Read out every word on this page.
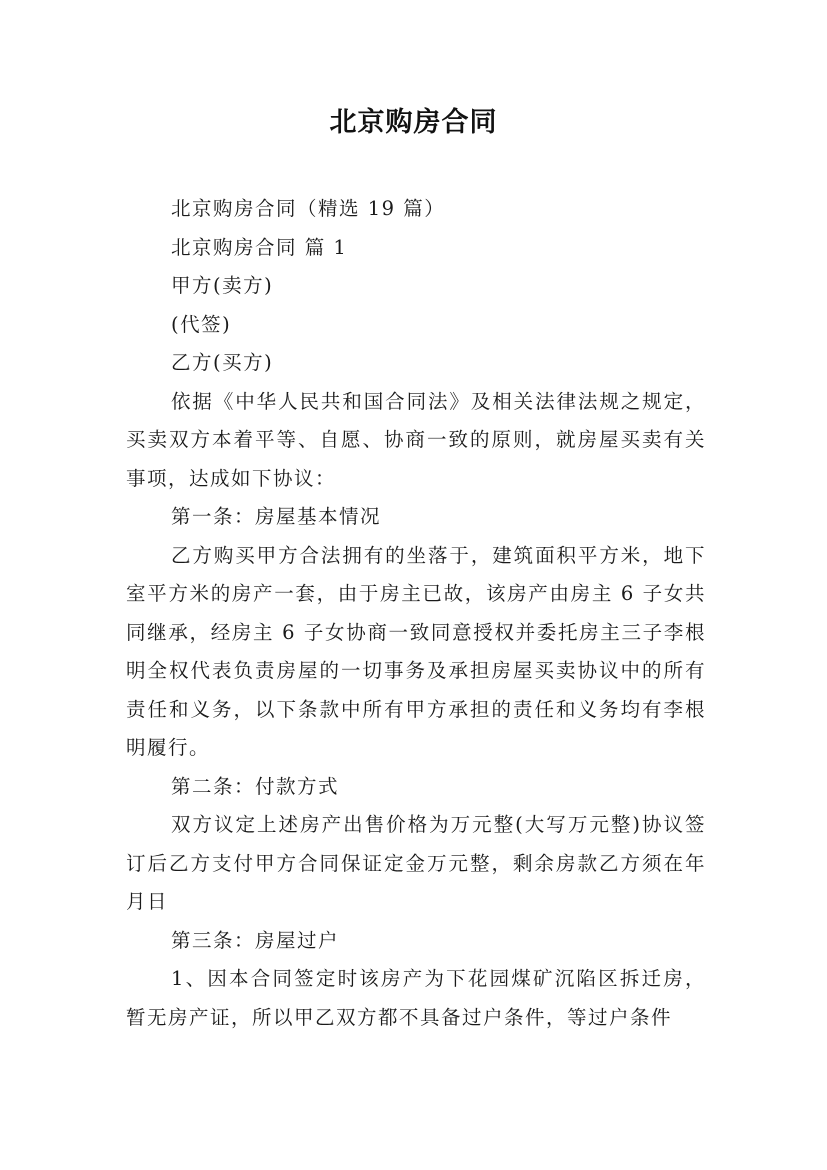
北京购房合同

北京购房合同（精选 19 篇）

北京购房合同 篇 1

甲方(卖方)

(代签)

乙方(买方)

依据《中华人民共和国合同法》及相关法律法规之规定，买卖双方本着平等、自愿、协商一致的原则，就房屋买卖有关事项，达成如下协议：

第一条：房屋基本情况

乙方购买甲方合法拥有的坐落于，建筑面积平方米，地下室平方米的房产一套，由于房主已故，该房产由房主 6 子女共同继承，经房主 6 子女协商一致同意授权并委托房主三子李根明全权代表负责房屋的一切事务及承担房屋买卖协议中的所有责任和义务，以下条款中所有甲方承担的责任和义务均有李根明履行。

第二条：付款方式

双方议定上述房产出售价格为万元整(大写万元整)协议签订后乙方支付甲方合同保证定金万元整，剩余房款乙方须在年月日

第三条：房屋过户

1、因本合同签定时该房产为下花园煤矿沉陷区拆迁房，暂无房产证，所以甲乙双方都不具备过户条件，等过户条件
